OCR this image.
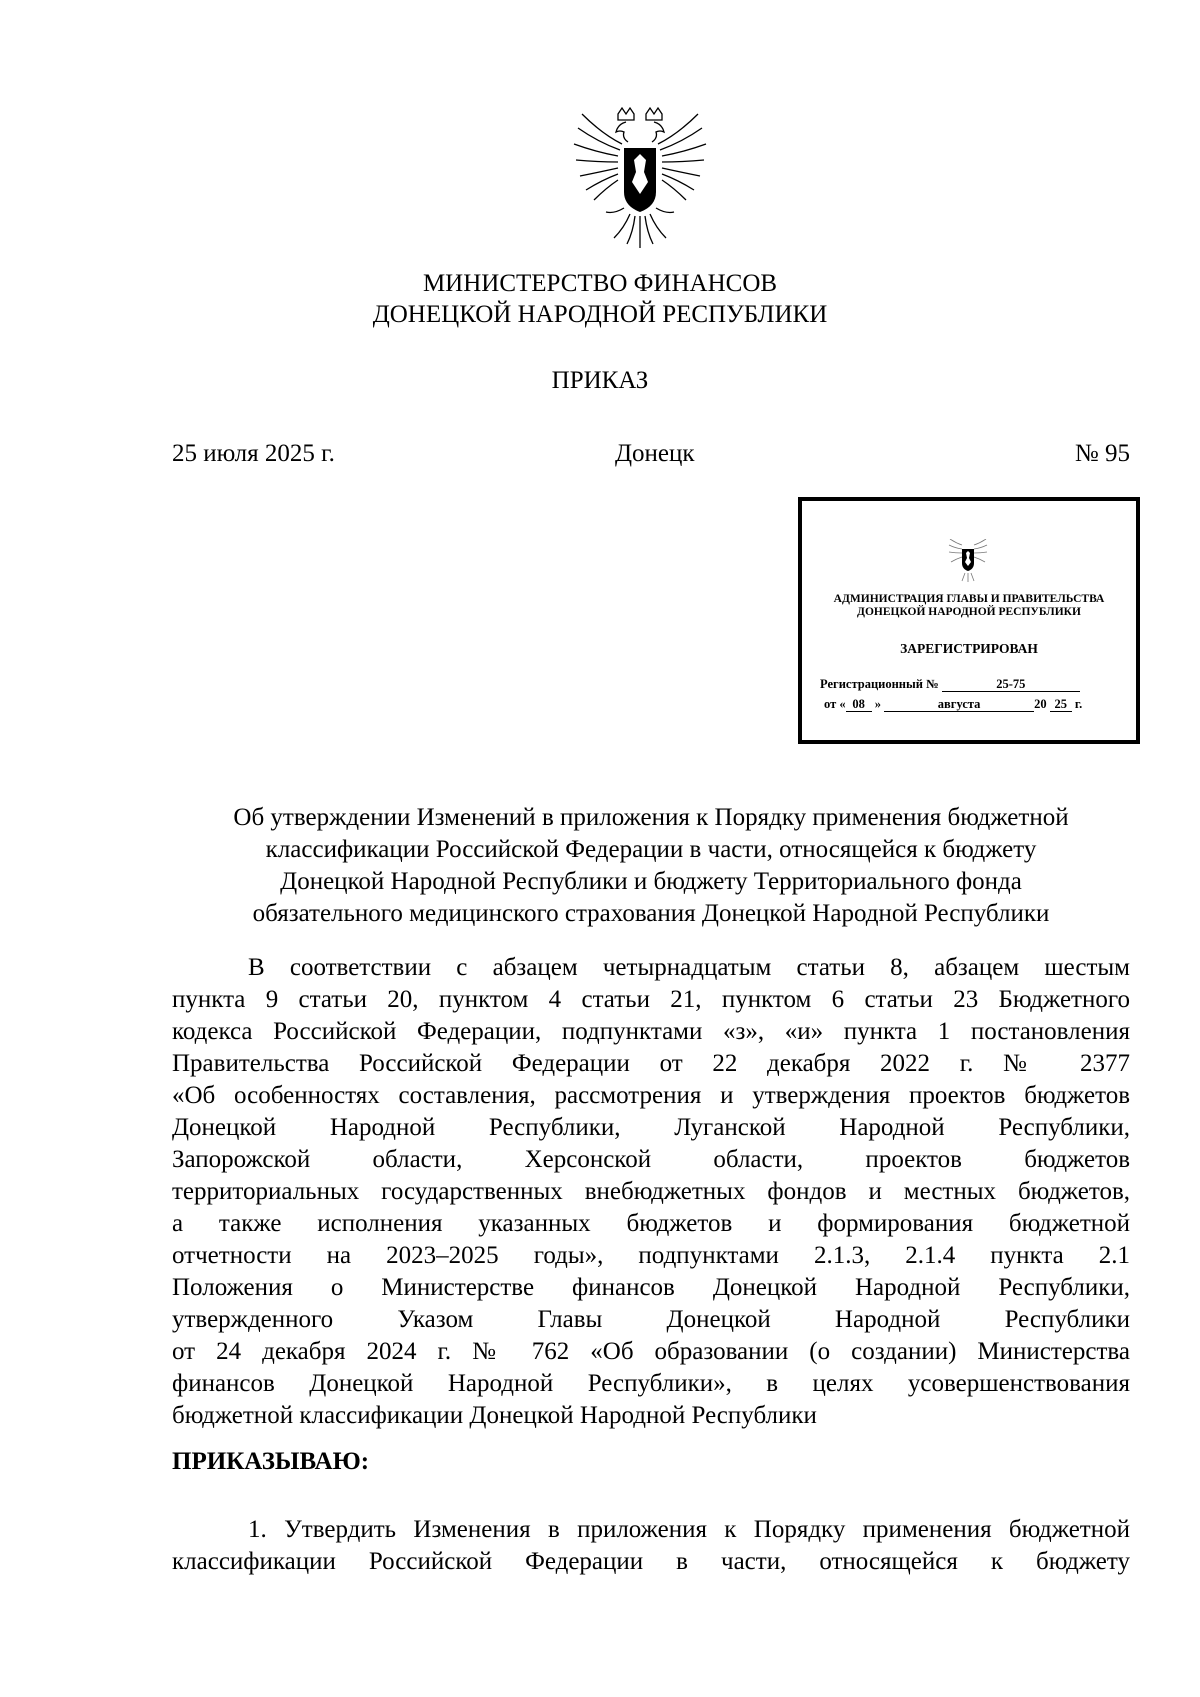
МИНИСТЕРСТВО ФИНАНСОВ
ДОНЕЦКОЙ НАРОДНОЙ РЕСПУБЛИКИ
ПРИКАЗ
25 июля 2025 г.	Донецк	№ 95
АДМИНИСТРАЦИЯ ГЛАВЫ И ПРАВИТЕЛЬСТВА
ДОНЕЦКОЙ НАРОДНОЙ РЕСПУБЛИКИ
ЗАРЕГИСТРИРОВАН
Регистрационный №	25-75
от « 08 »	августа	20 25 г.
Об утверждении Изменений в приложения к Порядку применения бюджетной
классификации Российской Федерации в части, относящейся к бюджету
Донецкой Народной Республики и бюджету Территориального фонда
обязательного медицинского страхования Донецкой Народной Республики
В соответствии с абзацем четырнадцатым статьи 8, абзацем шестым
пункта 9 статьи 20, пунктом 4 статьи 21, пунктом 6 статьи 23 Бюджетного
кодекса Российской Федерации, подпунктами «з», «и» пункта 1 постановления
Правительства Российской Федерации от 22 декабря 2022 г. № 2377
«Об особенностях составления, рассмотрения и утверждения проектов бюджетов
Донецкой Народной Республики, Луганской Народной Республики,
Запорожской области, Херсонской области, проектов бюджетов
территориальных государственных внебюджетных фондов и местных бюджетов,
а также исполнения указанных бюджетов и формирования бюджетной
отчетности на 2023–2025 годы», подпунктами 2.1.3, 2.1.4 пункта 2.1
Положения о Министерстве финансов Донецкой Народной Республики,
утвержденного Указом Главы Донецкой Народной Республики
от 24 декабря 2024 г. № 762 «Об образовании (о создании) Министерства
финансов Донецкой Народной Республики», в целях усовершенствования
бюджетной классификации Донецкой Народной Республики
ПРИКАЗЫВАЮ:
1. Утвердить Изменения в приложения к Порядку применения бюджетной
классификации Российской Федерации в части, относящейся к бюджету
